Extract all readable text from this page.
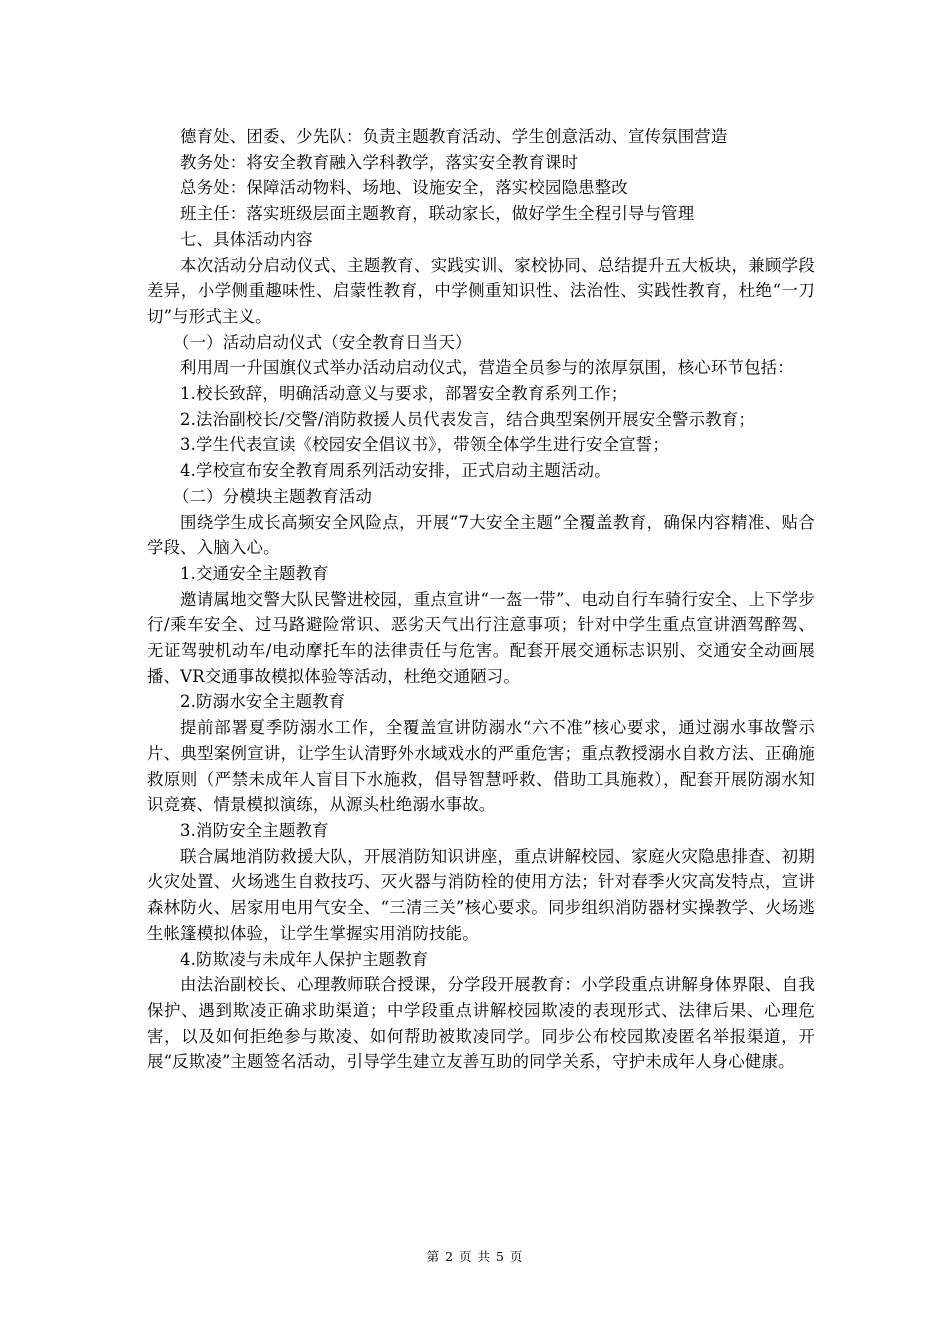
德育处、团委、少先队：负责主题教育活动、学生创意活动、宣传氛围营造

教务处：将安全教育融入学科教学，落实安全教育课时

总务处：保障活动物料、场地、设施安全，落实校园隐患整改

班主任：落实班级层面主题教育，联动家长，做好学生全程引导与管理

七、具体活动内容

本次活动分启动仪式、主题教育、实践实训、家校协同、总结提升五大板块，兼顾学段差异，小学侧重趣味性、启蒙性教育，中学侧重知识性、法治性、实践性教育，杜绝“一刀切”与形式主义。

（一）活动启动仪式（安全教育日当天）

利用周一升国旗仪式举办活动启动仪式，营造全员参与的浓厚氛围，核心环节包括：

1.校长致辞，明确活动意义与要求，部署安全教育系列工作；

2.法治副校长/交警/消防救援人员代表发言，结合典型案例开展安全警示教育；

3.学生代表宣读《校园安全倡议书》，带领全体学生进行安全宣誓；

4.学校宣布安全教育周系列活动安排，正式启动主题活动。

（二）分模块主题教育活动

围绕学生成长高频安全风险点，开展“7大安全主题”全覆盖教育，确保内容精准、贴合学段、入脑入心。

1.交通安全主题教育

邀请属地交警大队民警进校园，重点宣讲“一盔一带”、电动自行车骑行安全、上下学步行/乘车安全、过马路避险常识、恶劣天气出行注意事项；针对中学生重点宣讲酒驾醉驾、无证驾驶机动车/电动摩托车的法律责任与危害。配套开展交通标志识别、交通安全动画展播、VR交通事故模拟体验等活动，杜绝交通陋习。

2.防溺水安全主题教育

提前部署夏季防溺水工作，全覆盖宣讲防溺水“六不准”核心要求，通过溺水事故警示片、典型案例宣讲，让学生认清野外水域戏水的严重危害；重点教授溺水自救方法、正确施救原则（严禁未成年人盲目下水施救，倡导智慧呼救、借助工具施救），配套开展防溺水知识竞赛、情景模拟演练，从源头杜绝溺水事故。

3.消防安全主题教育

联合属地消防救援大队，开展消防知识讲座，重点讲解校园、家庭火灾隐患排查、初期火灾处置、火场逃生自救技巧、灭火器与消防栓的使用方法；针对春季火灾高发特点，宣讲森林防火、居家用电用气安全、“三清三关”核心要求。同步组织消防器材实操教学、火场逃生帐篷模拟体验，让学生掌握实用消防技能。

4.防欺凌与未成年人保护主题教育

由法治副校长、心理教师联合授课，分学段开展教育：小学段重点讲解身体界限、自我保护、遇到欺凌正确求助渠道；中学段重点讲解校园欺凌的表现形式、法律后果、心理危害，以及如何拒绝参与欺凌、如何帮助被欺凌同学。同步公布校园欺凌匿名举报渠道，开展“反欺凌”主题签名活动，引导学生建立友善互助的同学关系，守护未成年人身心健康。

第 2 页 共 5 页
